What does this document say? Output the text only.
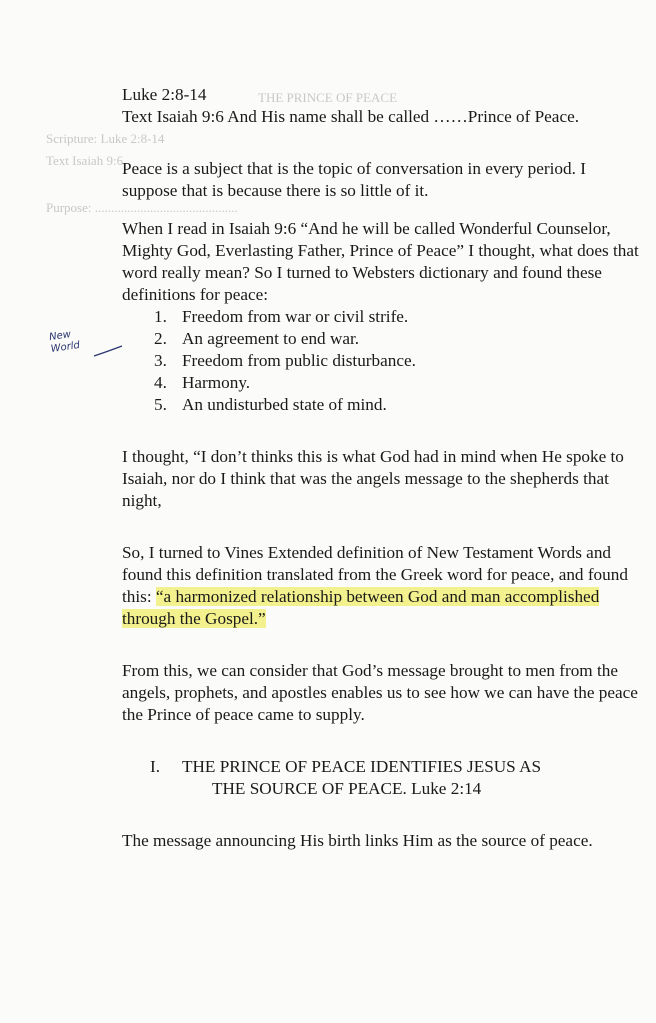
THE PRINCE OF PEACE
Scripture: Luke 2:8-14
Text Isaiah 9:6
Purpose: ............................................

Luke 2:8-14

Text Isaiah 9:6 And His name shall be called ……Prince of Peace.

Peace is a subject that is the topic of conversation in every period. I suppose that is because there is so little of it.

When I read in Isaiah 9:6 “And he will be called Wonderful Counselor, Mighty God, Everlasting Father, Prince of Peace” I thought, what does that word really mean? So I turned to Websters dictionary and found these definitions for peace:

1. Freedom from war or civil strife.
2. An agreement to end war.
3. Freedom from public disturbance.
4. Harmony.
5. An undisturbed state of mind.

I thought, “I don’t thinks this is what God had in mind when He spoke to Isaiah, nor do I think that was the angels message to the shepherds that night,

So, I turned to Vines Extended definition of New Testament Words and found this definition translated from the Greek word for peace, and found this: “a harmonized relationship between God and man accomplished through the Gospel.”

From this, we can consider that God’s message brought to men from the angels, prophets, and apostles enables us to see how we can have the peace the Prince of peace came to supply.

I.	THE PRINCE OF PEACE IDENTIFIES JESUS AS

THE SOURCE OF PEACE. Luke 2:14

The message announcing His birth links Him as the source of peace.

New
World
